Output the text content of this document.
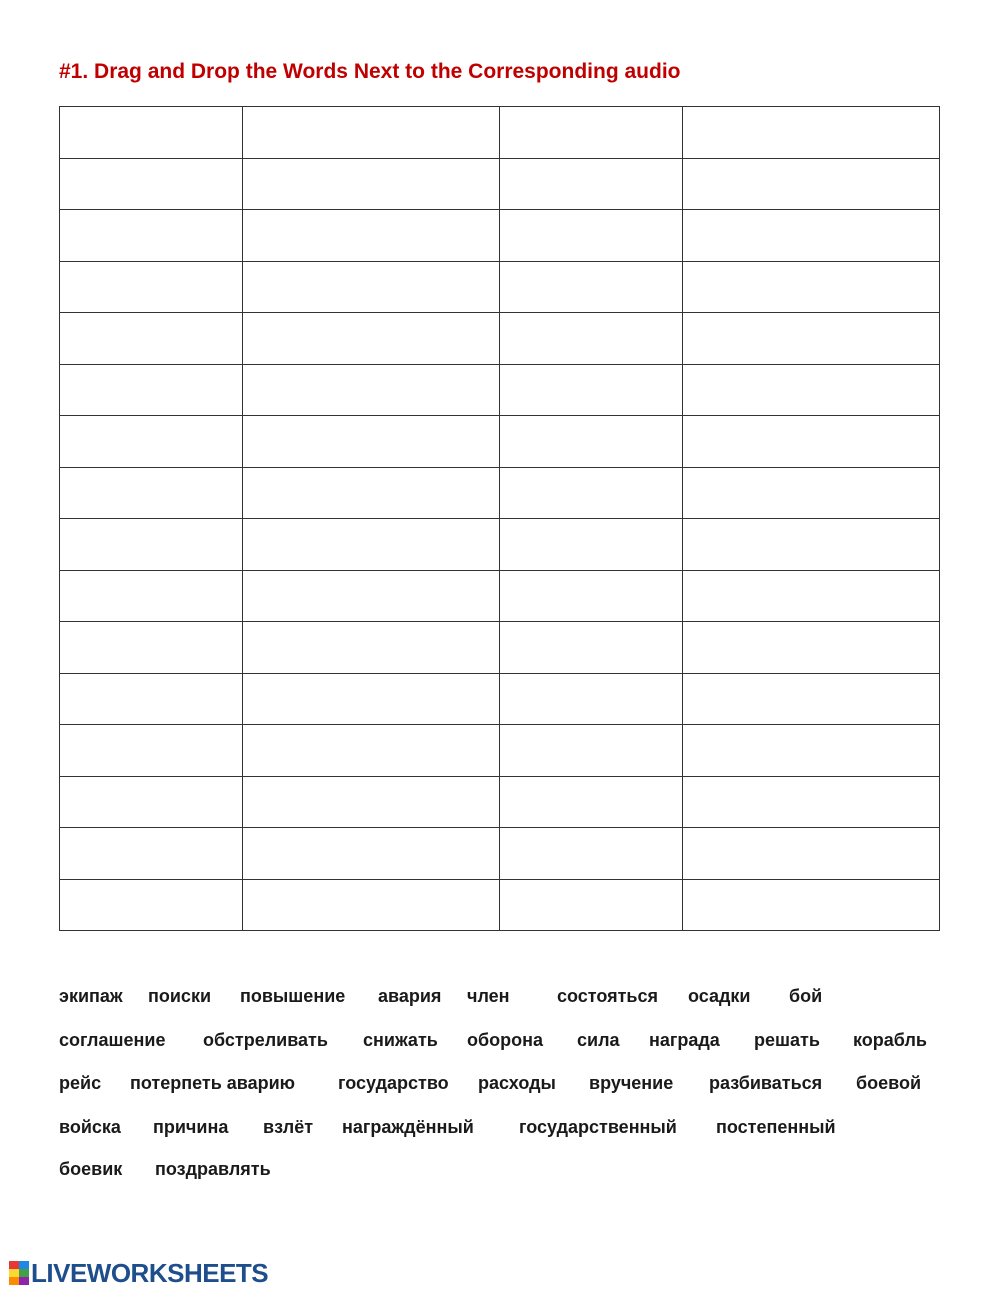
#1. Drag and Drop the Words Next to the Corresponding audio

экипаж поиски повышение авария член	состояться осадки бой
соглашение обстреливать снижать оборона сила награда решать корабль
рейс потерпеть аварию государство расходы вручение разбиваться боевой
войска причина взлёт награждённый	государственный постепенный
боевик поздравлять
LIVEWORKSHEETS
